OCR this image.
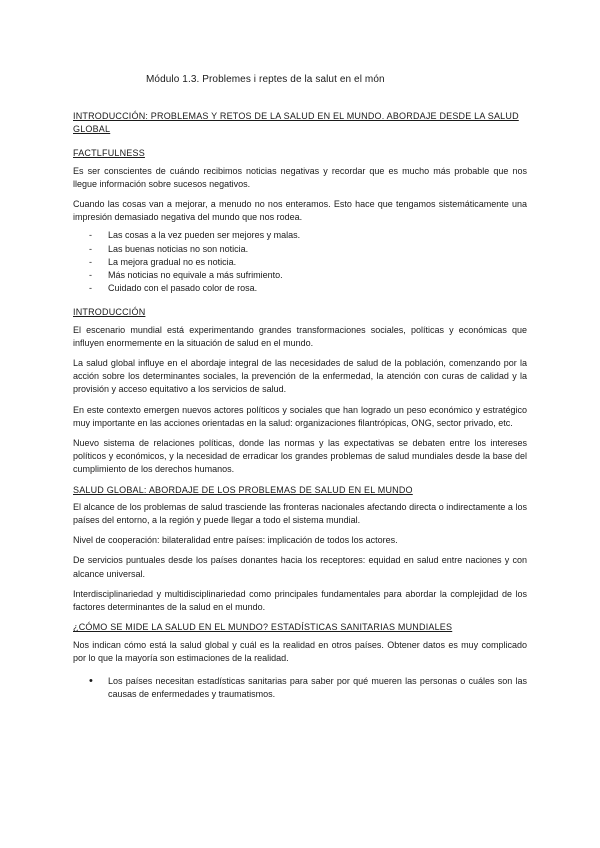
Módulo 1.3. Problemes i reptes de la salut en el món
INTRODUCCIÓN: PROBLEMAS Y RETOS DE LA SALUD EN EL MUNDO. ABORDAJE DESDE LA SALUD GLOBAL
FACTLFULNESS

Es ser conscientes de cuándo recibimos noticias negativas y recordar que es mucho más probable que nos llegue información sobre sucesos negativos.

Cuando las cosas van a mejorar, a menudo no nos enteramos. Esto hace que tengamos sistemáticamente una impresión demasiado negativa del mundo que nos rodea.

- Las cosas a la vez pueden ser mejores y malas.
- Las buenas noticias no son noticia.
- La mejora gradual no es noticia.
- Más noticias no equivale a más sufrimiento.
- Cuidado con el pasado color de rosa.
INTRODUCCIÓN

El escenario mundial está experimentando grandes transformaciones sociales, políticas y económicas que influyen enormemente en la situación de salud en el mundo.

La salud global influye en el abordaje integral de las necesidades de salud de la población, comenzando por la acción sobre los determinantes sociales, la prevención de la enfermedad, la atención con curas de calidad y la provisión y acceso equitativo a los servicios de salud.

En este contexto emergen nuevos actores políticos y sociales que han logrado un peso económico y estratégico muy importante en las acciones orientadas en la salud: organizaciones filantrópicas, ONG, sector privado, etc.

Nuevo sistema de relaciones políticas, donde las normas y las expectativas se debaten entre los intereses políticos y económicos, y la necesidad de erradicar los grandes problemas de salud mundiales desde la base del cumplimiento de los derechos humanos.

SALUD GLOBAL: ABORDAJE DE LOS PROBLEMAS DE SALUD EN EL MUNDO

El alcance de los problemas de salud trasciende las fronteras nacionales afectando directa o indirectamente a los países del entorno, a la región y puede llegar a todo el sistema mundial.

Nivel de cooperación: bilateralidad entre países: implicación de todos los actores.

De servicios puntuales desde los países donantes hacia los receptores: equidad en salud entre naciones y con alcance universal.

Interdisciplinariedad y multidisciplinariedad como principales fundamentales para abordar la complejidad de los factores determinantes de la salud en el mundo.

¿CÓMO SE MIDE LA SALUD EN EL MUNDO? ESTADÍSTICAS SANITARIAS MUNDIALES

Nos indican cómo está la salud global y cuál es la realidad en otros países. Obtener datos es muy complicado por lo que la mayoría son estimaciones de la realidad.

• Los países necesitan estadísticas sanitarias para saber por qué mueren las personas o cuáles son las causas de enfermedades y traumatismos.
